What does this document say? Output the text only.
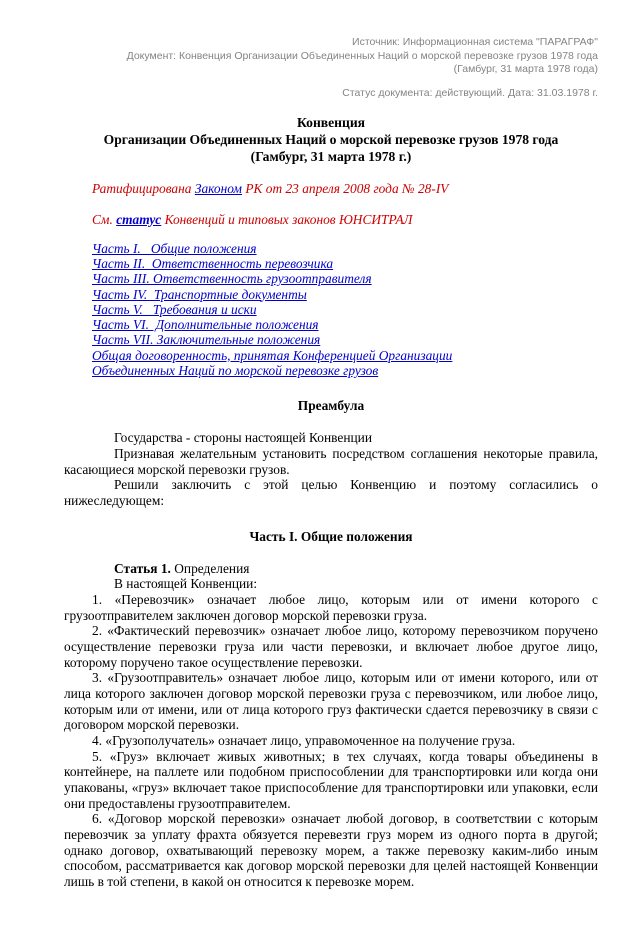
Источник: Информационная система "ПАРАГРАФ"
Документ: Конвенция Организации Объединенных Наций о морской перевозке грузов 1978 года
(Гамбург, 31 марта 1978 года)
Статус документа: действующий. Дата: 31.03.1978 г.
Конвенция
Организации Объединенных Наций о морской перевозке грузов 1978 года
(Гамбург, 31 марта 1978 г.)

Ратифицирована Законом РК от 23 апреля 2008 года № 28-IV

См. статус Конвенций и типовых законов ЮНСИТРАЛ

Часть I.   Общие положения
Часть II.  Ответственность перевозчика
Часть III. Ответственность грузоотправителя
Часть IV.  Транспортные документы
Часть V.   Требования и иски
Часть VI.  Дополнительные положения
Часть VII. Заключительные положения
Общая договоренность, принятая Конференцией Организации
Объединенных Наций по морской перевозке грузов
Преамбула

Государства - стороны настоящей Конвенции

Признавая желательным установить посредством соглашения некоторые правила, касающиеся морской перевозки грузов.

Решили заключить с этой целью Конвенцию и поэтому согласились о нижеследующем:

Часть I. Общие положения

Статья 1. Определения

В настоящей Конвенции:

1. «Перевозчик» означает любое лицо, которым или от имени которого с грузоотправителем заключен договор морской перевозки груза.

2. «Фактический перевозчик» означает любое лицо, которому перевозчиком поручено осуществление перевозки груза или части перевозки, и включает любое другое лицо, которому поручено такое осуществление перевозки.

3. «Грузоотправитель» означает любое лицо, которым или от имени которого, или от лица которого заключен договор морской перевозки груза с перевозчиком, или любое лицо, которым или от имени, или от лица которого груз фактически сдается перевозчику в связи с договором морской перевозки.

4. «Грузополучатель» означает лицо, управомоченное на получение груза.

5. «Груз» включает живых животных; в тех случаях, когда товары объединены в контейнере, на паллете или подобном приспособлении для транспортировки или когда они упакованы, «груз» включает такое приспособление для транспортировки или упаковки, если они предоставлены грузоотправителем.

6. «Договор морской перевозки» означает любой договор, в соответствии с которым перевозчик за уплату фрахта обязуется перевезти груз морем из одного порта в другой; однако договор, охватывающий перевозку морем, а также перевозку каким-либо иным способом, рассматривается как договор морской перевозки для целей настоящей Конвенции лишь в той степени, в какой он относится к перевозке морем.
